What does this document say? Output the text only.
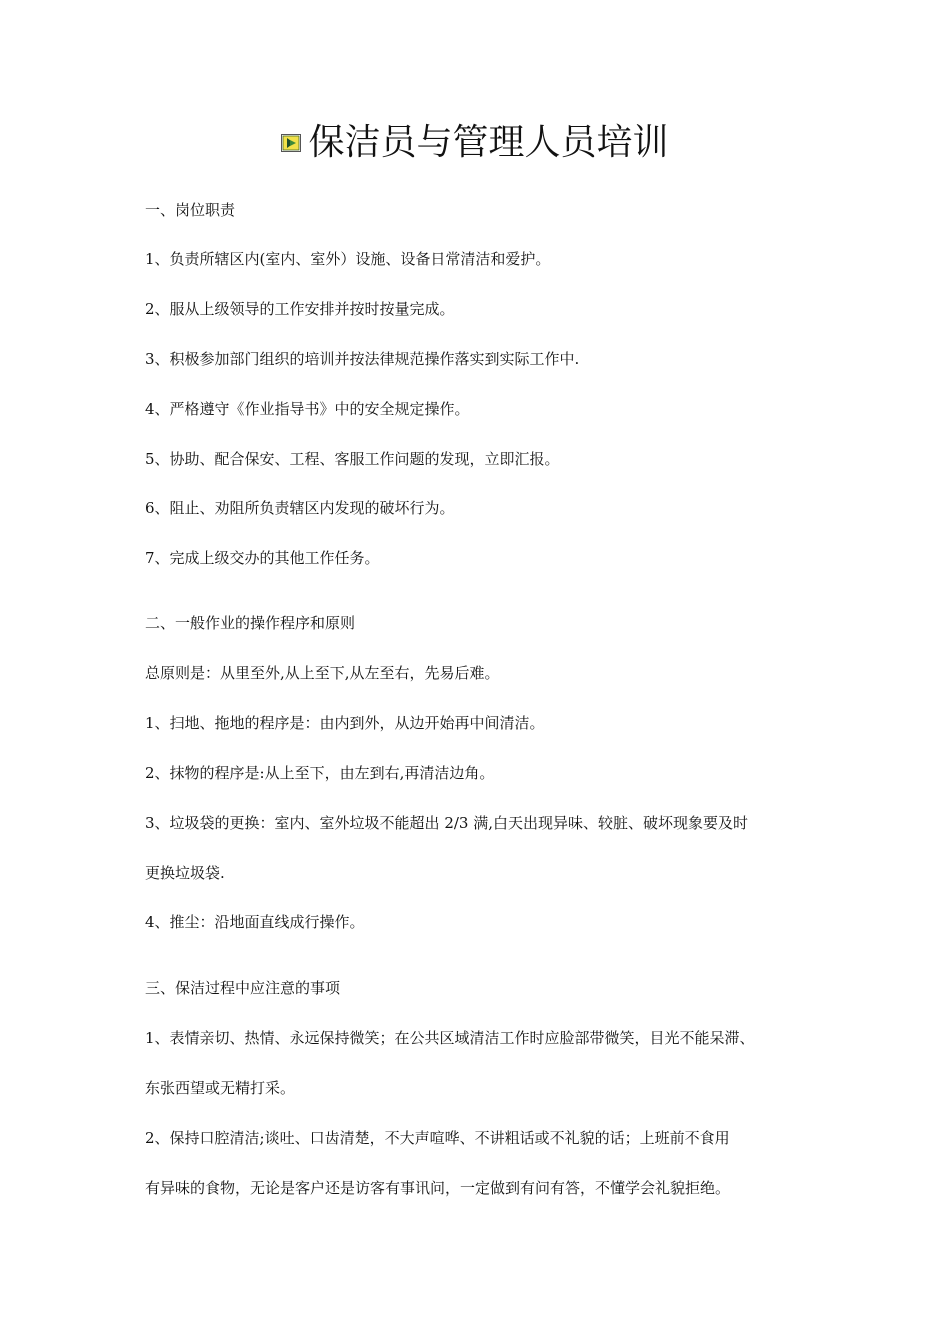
保洁员与管理人员培训
一、岗位职责
1、负责所辖区内(室内、室外）设施、设备日常清洁和爱护。
2、服从上级领导的工作安排并按时按量完成。
3、积极参加部门组织的培训并按法律规范操作落实到实际工作中.
4、严格遵守《作业指导书》中的安全规定操作。
5、协助、配合保安、工程、客服工作问题的发现，立即汇报。
6、阻止、劝阻所负责辖区内发现的破坏行为。
7、完成上级交办的其他工作任务。
二、一般作业的操作程序和原则
总原则是：从里至外,从上至下,从左至右，先易后难。
1、扫地、拖地的程序是：由内到外，从边开始再中间清洁。
2、抹物的程序是:从上至下，由左到右,再清洁边角。
3、垃圾袋的更换：室内、室外垃圾不能超出 2/3 满,白天出现异味、较脏、破坏现象要及时
更换垃圾袋.
4、推尘：沿地面直线成行操作。
三、保洁过程中应注意的事项
1、表情亲切、热情、永远保持微笑；在公共区域清洁工作时应脸部带微笑，目光不能呆滞、
东张西望或无精打采。
2、保持口腔清洁;谈吐、口齿清楚，不大声喧哗、不讲粗话或不礼貌的话；上班前不食用
有异味的食物，无论是客户还是访客有事讯问，一定做到有问有答，不懂学会礼貌拒绝。
